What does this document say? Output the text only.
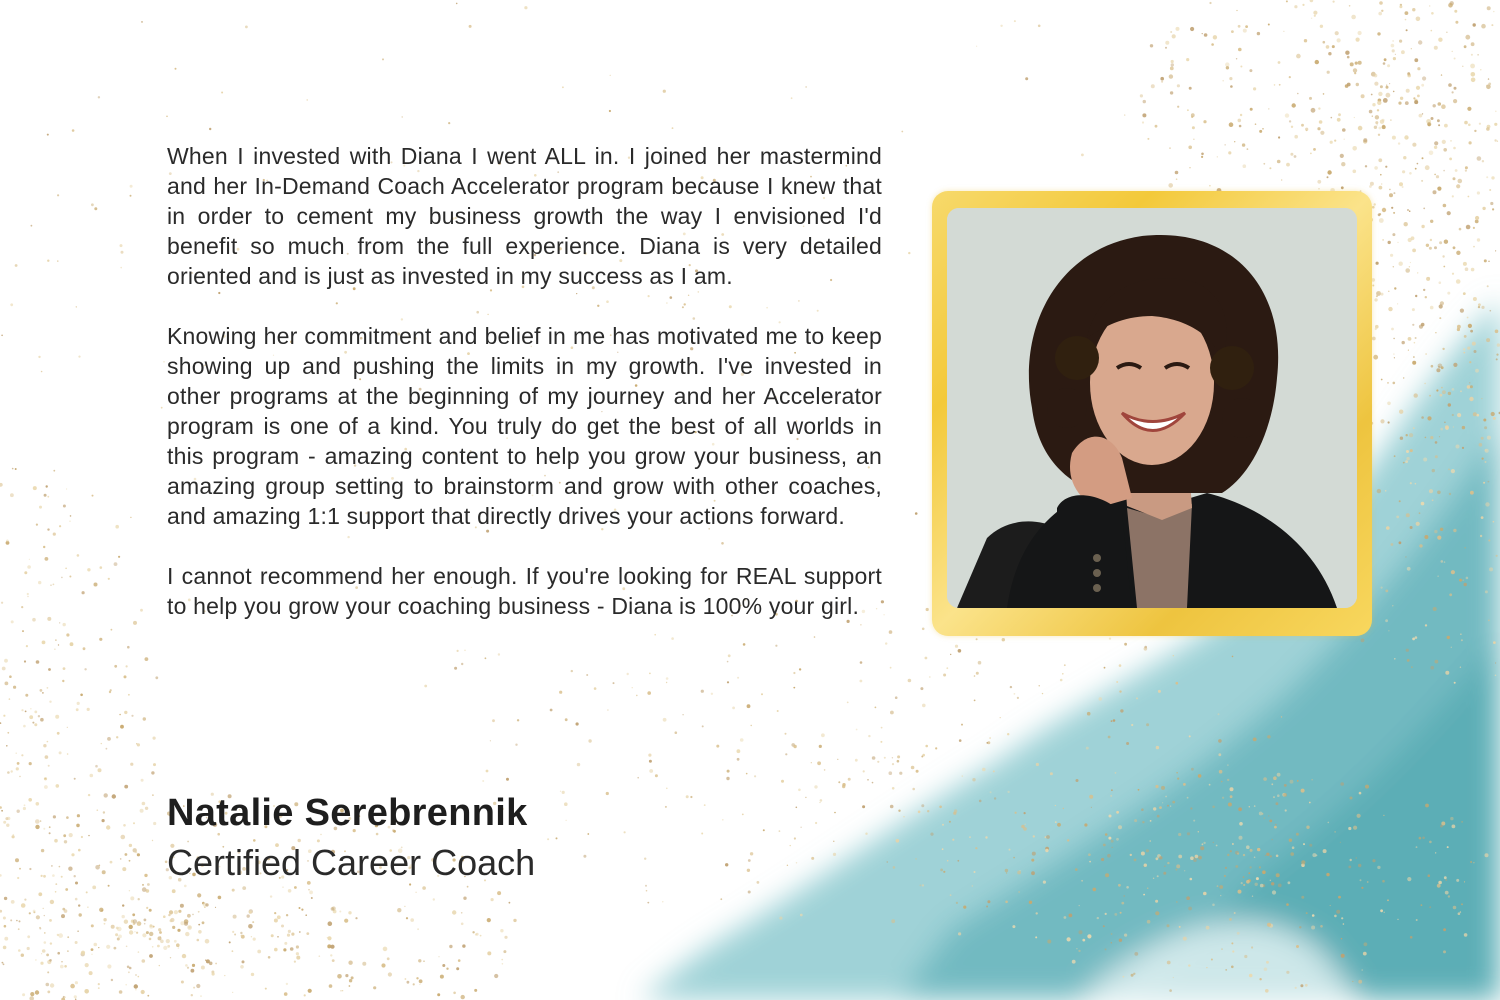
When I invested with Diana I went ALL in. I joined her mastermind and her In-Demand Coach Accelerator program because I knew that in order to cement my business growth the way I envisioned I'd benefit so much from the full experience. Diana is very detailed oriented and is just as invested in my success as I am.

Knowing her commitment and belief in me has motivated me to keep showing up and pushing the limits in my growth. I've invested in other programs at the beginning of my journey and her Accelerator program is one of a kind. You truly do get the best of all worlds in this program - amazing content to help you grow your business, an amazing group setting to brainstorm and grow with other coaches, and amazing 1:1 support that directly drives your actions forward.

I cannot recommend her enough. If you're looking for REAL support to help you grow your coaching business - Diana is 100% your girl.

Natalie Serebrennik
Certified Career Coach
